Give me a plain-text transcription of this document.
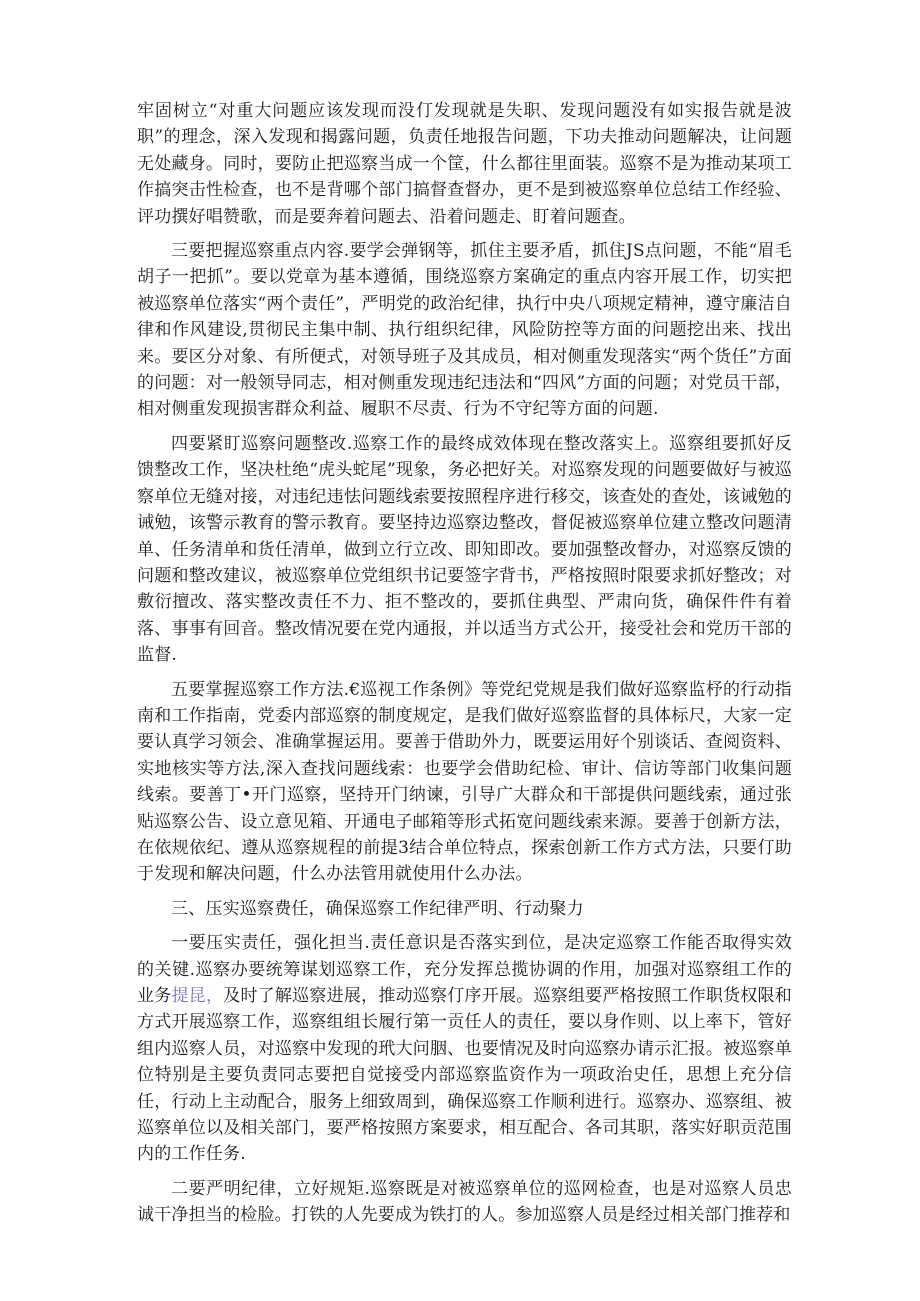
牢固树立“对重大问题应该发现而没仃发现就是失职、发现问题没有如实报告就是波职”的理念，深入发现和揭露问题，负责任地报告问题，下功夫推动问题解决，让问题无处藏身。同时，要防止把巡察当成一个筐，什么都往里面装。巡察不是为推动某项工作搞突击性检查，也不是背哪个部门搞督查督办，更不是到被巡察单位总结工作经验、评功撰好唱赞歌，而是要奔着问题去、沿着问题走、盯着问题查。

三要把握巡察重点内容.要学会弹钢等，抓住主要矛盾，抓住JS点问题，不能“眉毛胡子一把抓”。要以党章为基本遵循，围绕巡察方案确定的重点内容开展工作，切实把被巡察单位落实“两个责任”，严明党的政治纪律，执行中央八项规定精神，遵守廉洁自律和作风建设,贯彻民主集中制、执行组织纪律，风险防控等方面的问题挖出来、找出来。要区分对象、有所便式，对领导班子及其成员，相对侧重发现落实“两个货任”方面的问题：对一般领导同志，相对侧重发现违纪违法和“四风”方面的问题；对党员干部，相对侧重发现损害群众利益、履职不尽责、行为不守纪等方面的问题.

四要紧盯巡察问题整改.巡察工作的最终成效体现在整改落实上。巡察组要抓好反馈整改工作，坚决杜绝“虎头蛇尾”现象，务必把好关。对巡察发现的问题要做好与被巡察单位无缝对接，对违纪违怯问题线索要按照程序进行移交，该查处的查处，该诫勉的诫勉，该警示教育的警示教育。要坚持边巡察边整改，督促被巡察单位建立整改问题清单、任务清单和货任清单，做到立行立改、即知即改。要加强整改督办，对巡察反馈的问题和整改建议，被巡察单位党组织书记要签字背书，严格按照时限要求抓好整改；对敷衍擅改、落实整改责任不力、拒不整改的，要抓住典型、严肃向货，确保件件有着落、事事有回音。整改情况要在党内通报，并以适当方式公开，接受社会和党历干部的监督.

五要掌握巡察工作方法.€巡视工作条例》等党纪党规是我们做好巡察监杼的行动指南和工作指南，党委内部巡察的制度规定，是我们做好巡察监督的具体标尺，大家一定要认真学习领会、准确掌握运用。要善于借助外力，既要运用好个别谈话、查阅资料、实地核实等方法,深入查找问题线索：也要学会借助纪检、审计、信访等部门收集问题线索。要善丁•开门巡察，坚持开门纳谏，引导广大群众和干部提供问题线索，通过张贴巡察公告、设立意见箱、开通电子邮箱等形式拓宽问题线索来源。要善于创新方法，在依规依纪、遵从巡察规程的前提3结合单位特点，探索创新工作方式方法，只要仃助于发现和解决问题，什么办法管用就使用什么办法。

三、压实巡察费任，确保巡察工作纪律严明、行动聚力

一要压实责任，强化担当.责任意识是否落实到位，是决定巡察工作能否取得实效的关键.巡察办要统筹谋划巡察工作，充分发挥总揽协调的作用，加强对巡察组工作的业务提昆，及时了解巡察进展，推动巡察仃序开展。巡察组要严格按照工作职货权限和方式开展巡察工作，巡察组组长履行第一贡任人的责任，要以身作则、以上率下，管好组内巡察人员，对巡察中发现的玳大问胭、也要情况及时向巡察办请示汇报。被巡察单位特别是主要负责同志要把自觉接受内部巡察监资作为一项政治史任，思想上充分信任，行动上主动配合，服务上细致周到，确保巡察工作顺利进行。巡察办、巡察组、被巡察单位以及相关部门，要严格按照方案要求，相互配合、各司其职，落实好职贡范围内的工作任务.

二要严明纪律，立好规矩.巡察既是对被巡察单位的巡网检查，也是对巡察人员忠诚干净担当的检脸。打铁的人先要成为铁打的人。参加巡察人员是经过相关部门推荐和
